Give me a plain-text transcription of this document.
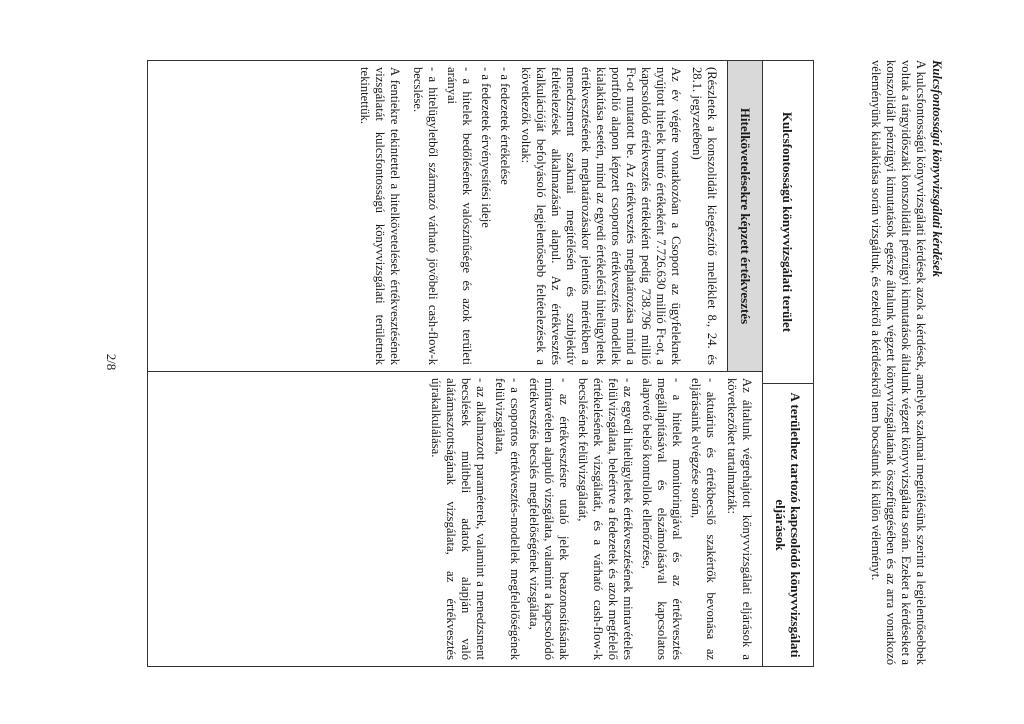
Kulcsfontosságú könyvvizsgálati kérdések
A kulcsfontosságú könyvvizsgálati kérdések azok a kérdések, amelyek szakmai megítélésünk szerint a legjelentősebbek voltak a tárgyidőszaki konszolidált pénzügyi kimutatások általunk végzett könyvvizsgálata során. Ezeket a kérdéseket a konszolidált pénzügyi kimutatások egésze általunk végzett könyvvizsgálatának összefüggésében és az arra vonatkozó véleményünk kialakítása során vizsgáltuk, és ezekről a kérdésekről nem bocsátunk ki külön véleményt.
Kulcsfontosságú könyvvizsgálati terület
A területhez tartozó kapcsolódó könyvvizsgálati eljárások
Hitelkövetelésekre képzett értékvesztés

(Részletek a konszolidált kiegészítő melléklet 8., 24. és 28.1. jegyzetében)

Az év végére vonatkozóan a Csoport az ügyfeleknek nyújtott hitelek bruttó értékeként 7.726.630 millió Ft-ot, a kapcsolódó értékvesztés értékeként pedig 738.796 millió Ft-ot mutatott be. Az értékvesztés meghatározása mind a portfolió alapon képzett csoportos értékvesztés modellek kialakítása esetén, mind az egyedi értékelésű hitelügyletek értékvesztésének meghatározásakor jelentős mértékben a menedzsment szakmai megítélésén és szubjektív feltételezések alkalmazásán alapul. Az értékvesztés kalkulációját befolyásoló legjelentősebb feltételezések a következők voltak:

- a fedezetek értékelése

- a fedezetek érvényesítési ideje

- a hitelek bedőlésének valószínűsége és azok területi arányai

- a hitelügyletből származó várható jövőbeli cash-flow-k becslése.

A fentiekre tekintettel a hitelkövetelések értékvesztésének vizsgálatát kulcsfontosságú könyvvizsgálati területnek tekintettük.

Az általunk végrehajtott könyvvizsgálati eljárások a következőket tartalmazták:

- aktuárius és értékbecslő szakértők bevonása az eljárásaink elvégzése során,

- a hitelek monitoringjával és az értékvesztés megállapításával és elszámolásával kapcsolatos alapvető belső kontrollok ellenőrzése,

- az egyedi hitelügyletek értékvesztésének mintavételes felülvizsgálata, beleértve a fedezetek és azok megfelelő értékelésének vizsgálatát, és a várható cash-flow-k becslésének felülvizsgálatát,

- az értékvesztésre utaló jelek beazonosításának mintavételen alapuló vizsgálata, valamint a kapcsolódó értékvesztés becslés megfelelőségének vizsgálata,

- a csoportos értékvesztés-modellek megfelelőségének felülvizsgálata,

- az alkalmazott paraméterek, valamint a menedzsment becslések múltbeli adatok alapján való alátámasztottságának vizsgálata, az értékvesztés újrakalkulálása.

2/8
